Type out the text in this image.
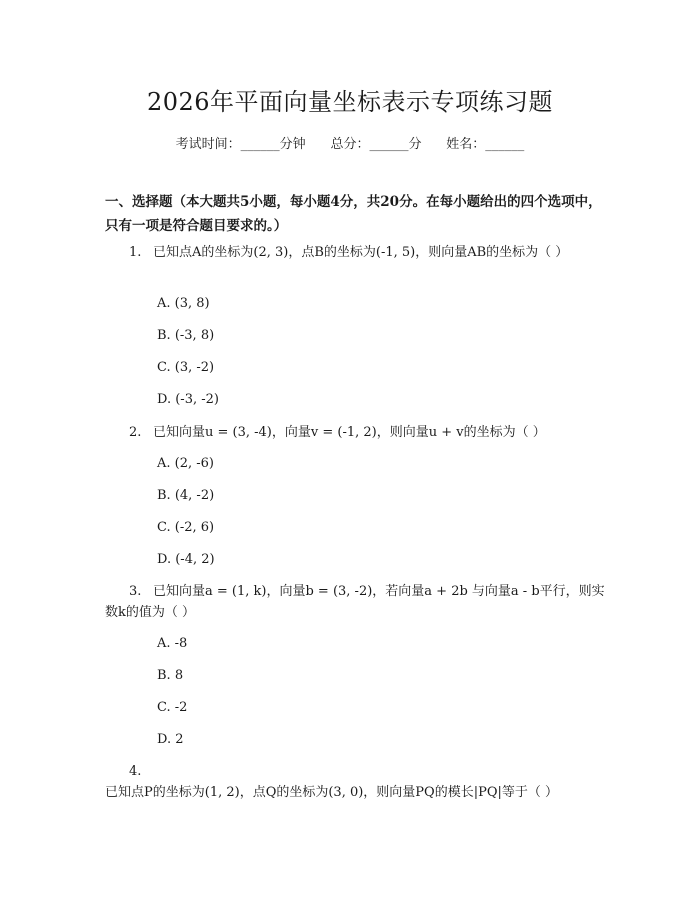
2026年平面向量坐标表示专项练习题
考试时间：______分钟 总分：______分 姓名：______
一、选择题（本大题共5小题，每小题4分，共20分。在每小题给出的四个选项中，只有一项是符合题目要求的。）
1. 已知点A的坐标为(2, 3)，点B的坐标为(-1, 5)，则向量AB的坐标为（ ）
A. (3, 8)
B. (-3, 8)
C. (3, -2)
D. (-3, -2)
2. 已知向量u = (3, -4)，向量v = (-1, 2)，则向量u + v的坐标为（ ）
A. (2, -6)
B. (4, -2)
C. (-2, 6)
D. (-4, 2)
3. 已知向量a = (1, k)，向量b = (3, -2)，若向量a + 2b 与向量a - b平行，则实数k的值为（ ）
A. -8
B. 8
C. -2
D. 2
4.已知点P的坐标为(1, 2)，点Q的坐标为(3, 0)，则向量PQ的模长|PQ|等于（ ）
